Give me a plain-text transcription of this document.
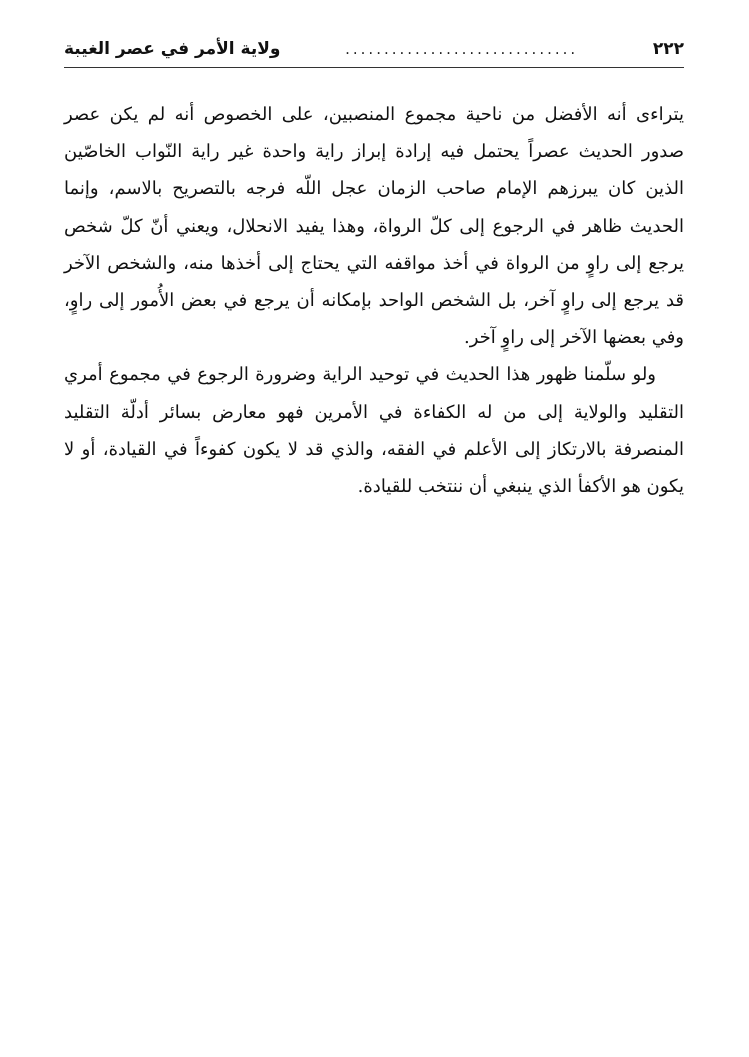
٢٢٢
..............................
ولاية الأمر في عصر الغيبة

يتراءى أنه الأفضل من ناحية مجموع المنصبين، على الخصوص أنه لم يكن عصر صدور الحديث عصراً يحتمل فيه إرادة إبراز راية واحدة غير راية النّواب الخاصّين الذين كان يبرزهم الإمام صاحب الزمان عجل اللّه فرجه بالتصريح بالاسم، وإنما الحديث ظاهر في الرجوع إلى كلّ الرواة، وهذا يفيد الانحلال، ويعني أنّ كلّ شخص يرجع إلى راوٍ من الرواة في أخذ مواقفه التي يحتاج إلى أخذها منه، والشخص الآخر قد يرجع إلى راوٍ آخر، بل الشخص الواحد بإمكانه أن يرجع في بعض الأُمور إلى راوٍ، وفي بعضها الآخر إلى راوٍ آخر.

ولو سلّمنا ظهور هذا الحديث في توحيد الراية وضرورة الرجوع في مجموع أمري التقليد والولاية إلى من له الكفاءة في الأمرين فهو معارض بسائر أدلّة التقليد المنصرفة بالارتكاز إلى الأعلم في الفقه، والذي قد لا يكون كفوءاً في القيادة، أو لا يكون هو الأكفأ الذي ينبغي أن ننتخب للقيادة.
